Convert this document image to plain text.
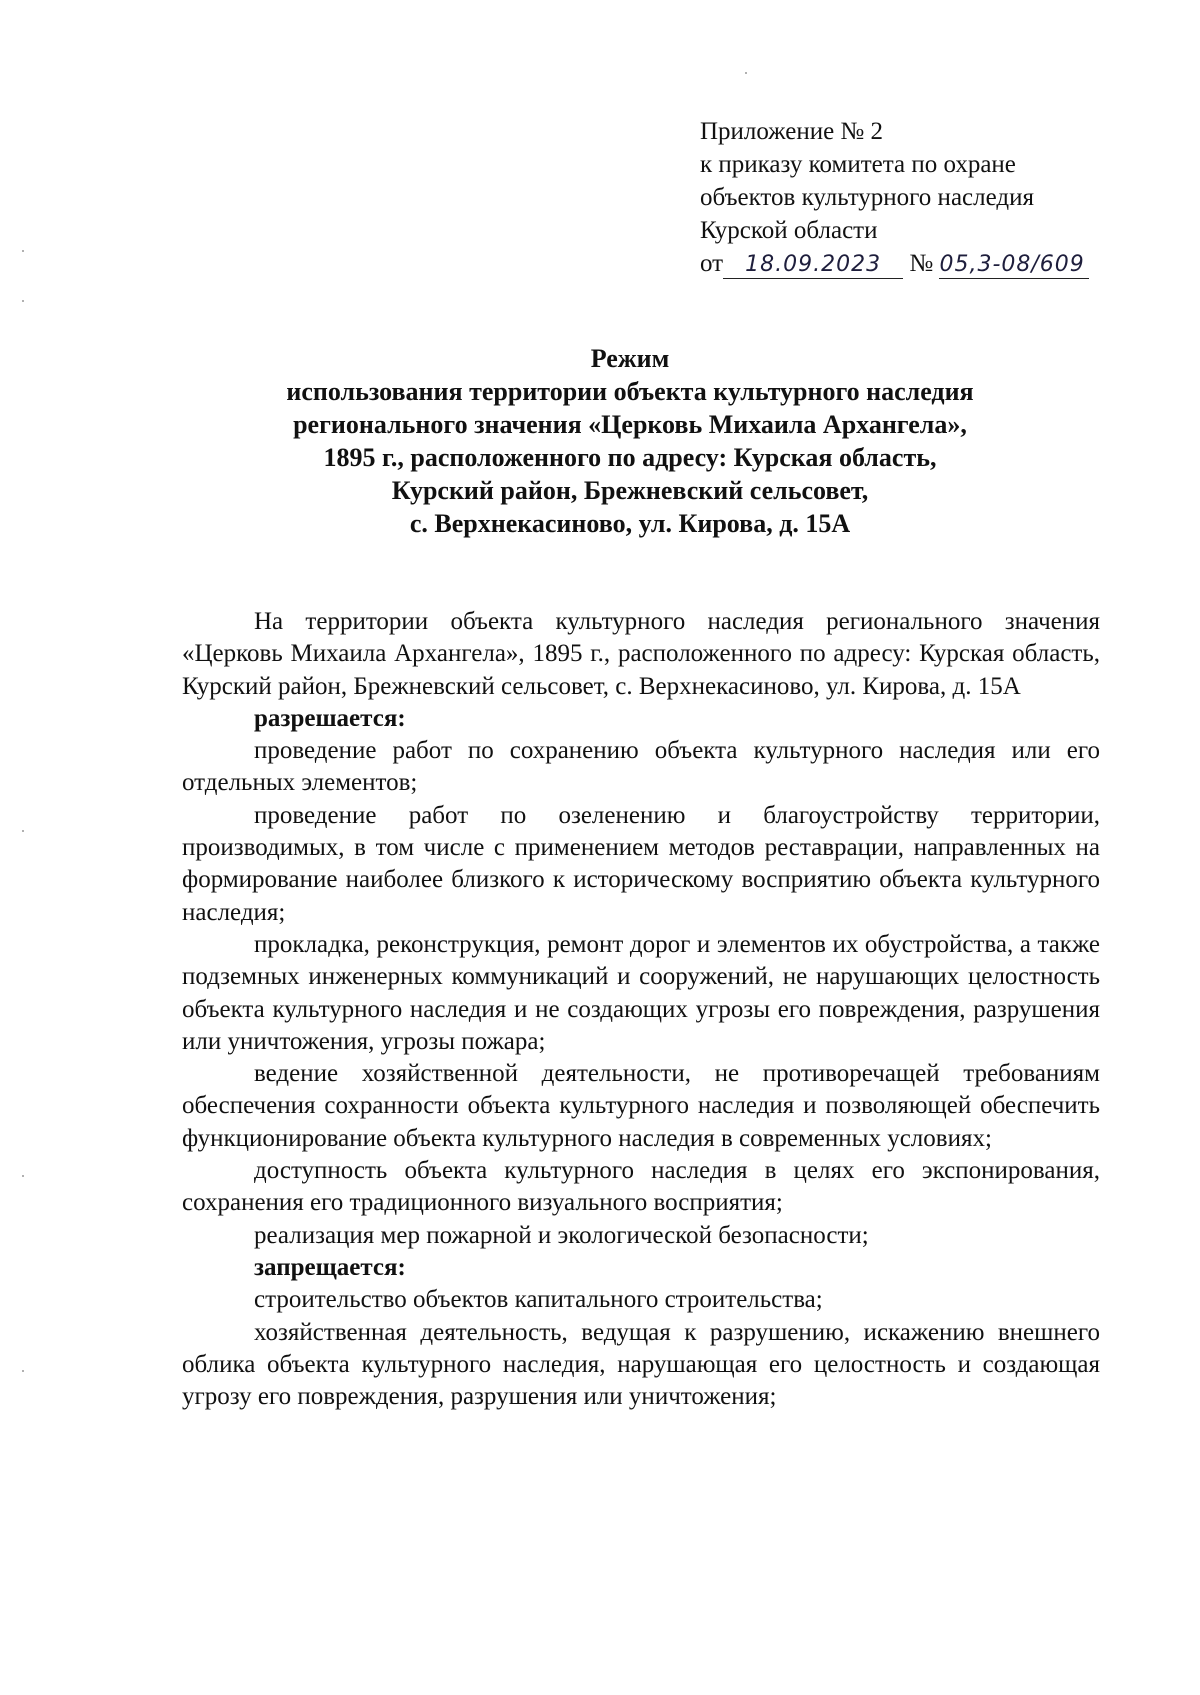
Приложение № 2
к приказу комитета по охране
объектов культурного наследия
Курской области
от 18.09.2023 № 05,3-08/609
Режим
использования территории объекта культурного наследия
регионального значения «Церковь Михаила Архангела»,
1895 г., расположенного по адресу: Курская область,
Курский район, Брежневский сельсовет,
с. Верхнекасиново, ул. Кирова, д. 15А

На территории объекта культурного наследия регионального значения «Церковь Михаила Архангела», 1895 г., расположенного по адресу: Курская область, Курский район, Брежневский сельсовет, с. Верхнекасиново, ул. Кирова, д. 15А

разрешается:

проведение работ по сохранению объекта культурного наследия или его отдельных элементов;

проведение работ по озеленению и благоустройству территории, производимых, в том числе с применением методов реставрации, направленных на формирование наиболее близкого к историческому восприятию объекта культурного наследия;

прокладка, реконструкция, ремонт дорог и элементов их обустройства, а также подземных инженерных коммуникаций и сооружений, не нарушающих целостность объекта культурного наследия и не создающих угрозы его повреждения, разрушения или уничтожения, угрозы пожара;

ведение хозяйственной деятельности, не противоречащей требованиям обеспечения сохранности объекта культурного наследия и позволяющей обеспечить функционирование объекта культурного наследия в современных условиях;

доступность объекта культурного наследия в целях его экспонирования, сохранения его традиционного визуального восприятия;

реализация мер пожарной и экологической безопасности;

запрещается:

строительство объектов капитального строительства;

хозяйственная деятельность, ведущая к разрушению, искажению внешнего облика объекта культурного наследия, нарушающая его целостность и создающая угрозу его повреждения, разрушения или уничтожения;
